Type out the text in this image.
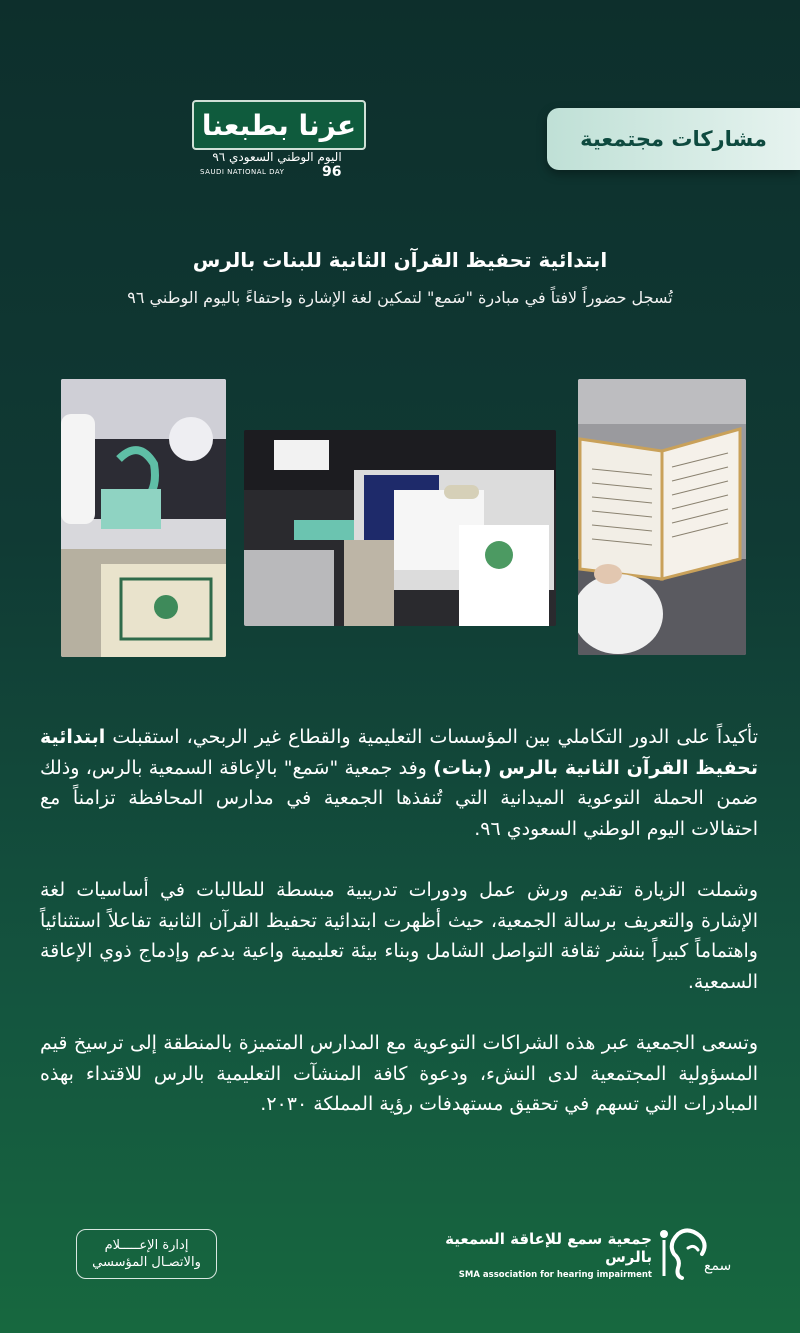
عزنا بطبعنا
اليوم الوطني السعودي ٩٦
SAUDI NATIONAL DAY	96
مشاركات مجتمعية
ابتدائية تحفيظ القرآن الثانية للبنات بالرس
تُسجل حضوراً لافتاً في مبادرة "سَمع" لتمكين لغة الإشارة واحتفاءً باليوم الوطني ٩٦

تأكيداً على الدور التكاملي بين المؤسسات التعليمية والقطاع غير الربحي، استقبلت ابتدائية تحفيظ القرآن الثانية بالرس (بنات) وفد جمعية "سَمع" بالإعاقة السمعية بالرس، وذلك ضمن الحملة التوعوية الميدانية التي تُنفذها الجمعية في مدارس المحافظة تزامناً مع احتفالات اليوم الوطني السعودي ٩٦.

وشملت الزيارة تقديم ورش عمل ودورات تدريبية مبسطة للطالبات في أساسيات لغة الإشارة والتعريف برسالة الجمعية، حيث أظهرت ابتدائية تحفيظ القرآن الثانية تفاعلاً استثنائياً واهتماماً كبيراً بنشر ثقافة التواصل الشامل وبناء بيئة تعليمية واعية بدعم وإدماج ذوي الإعاقة السمعية.

وتسعى الجمعية عبر هذه الشراكات التوعوية مع المدارس المتميزة بالمنطقة إلى ترسيخ قيم المسؤولية المجتمعية لدى النشء، ودعوة كافة المنشآت التعليمية بالرس للاقتداء بهذه المبادرات التي تسهم في تحقيق مستهدفات رؤية المملكة ٢٠٣٠.

إدارة الإعـــــلام
والاتصـال المؤسسي
جمعية سمع للإعاقة السمعية بالرس
SMA association for hearing impairment
سمع
